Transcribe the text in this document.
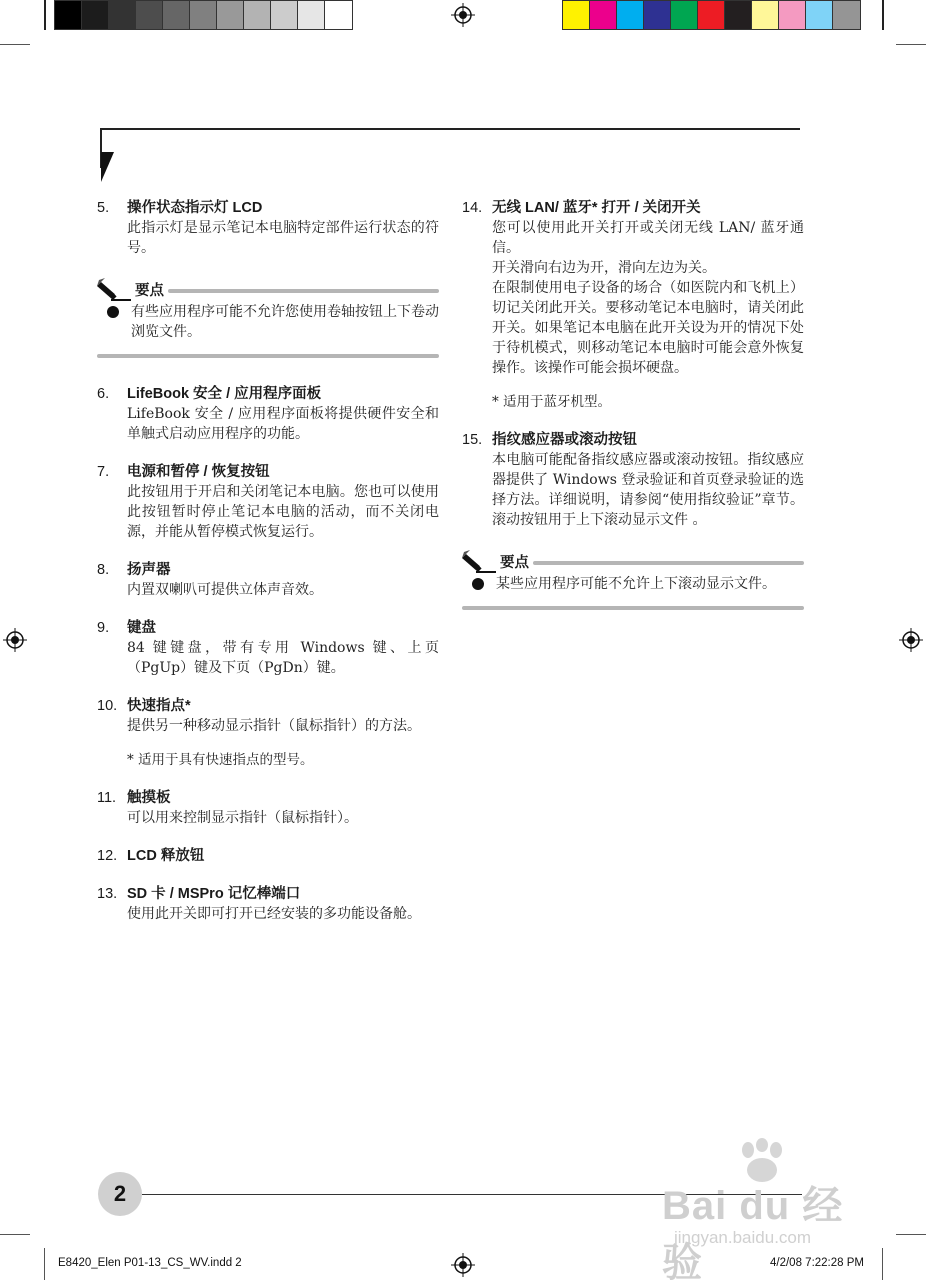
5.	操作状态指示灯 LCD

此指示灯是显示笔记本电脑特定部件运行状态的符号。

要点
有些应用程序可能不允许您使用卷轴按钮上下卷动浏览文件。
6.	LifeBook 安全 / 应用程序面板

LifeBook 安全 / 应用程序面板将提供硬件安全和单触式启动应用程序的功能。

7.	电源和暂停 / 恢复按钮

此按钮用于开启和关闭笔记本电脑。您也可以使用此按钮暂时停止笔记本电脑的活动，而不关闭电源，并能从暂停模式恢复运行。

8.	扬声器

内置双喇叭可提供立体声音效。

9.	键盘

84 键键盘，带有专用 Windows 键、上页（PgUp）键及下页（PgDn）键。

10. 快速指点*

提供另一种移动显示指针（鼠标指针）的方法。

* 适用于具有快速指点的型号。
11. 触摸板

可以用来控制显示指针（鼠标指针）。

12. LCD 释放钮
13. SD 卡 / MSPro 记忆棒端口

使用此开关即可打开已经安装的多功能设备舱。

14. 无线 LAN/ 蓝牙* 打开 / 关闭开关

您可以使用此开关打开或关闭无线 LAN/ 蓝牙通信。

开关滑向右边为开，滑向左边为关。

在限制使用电子设备的场合（如医院内和飞机上）切记关闭此开关。要移动笔记本电脑时，请关闭此开关。如果笔记本电脑在此开关设为开的情况下处于待机模式，则移动笔记本电脑时可能会意外恢复操作。该操作可能会损坏硬盘。

* 适用于蓝牙机型。
15. 指纹感应器或滚动按钮

本电脑可能配备指纹感应器或滚动按钮。指纹感应器提供了 Windows 登录验证和首页登录验证的选择方法。详细说明，请参阅“使用指纹验证”章节。滚动按钮用于上下滚动显示文件 。

要点
某些应用程序可能不允许上下滚动显示文件。
2	Bai du 经验
jingyan.baidu.com
E8420_Elen P01-13_CS_WV.indd 2	4/2/08 7:22:28 PM
